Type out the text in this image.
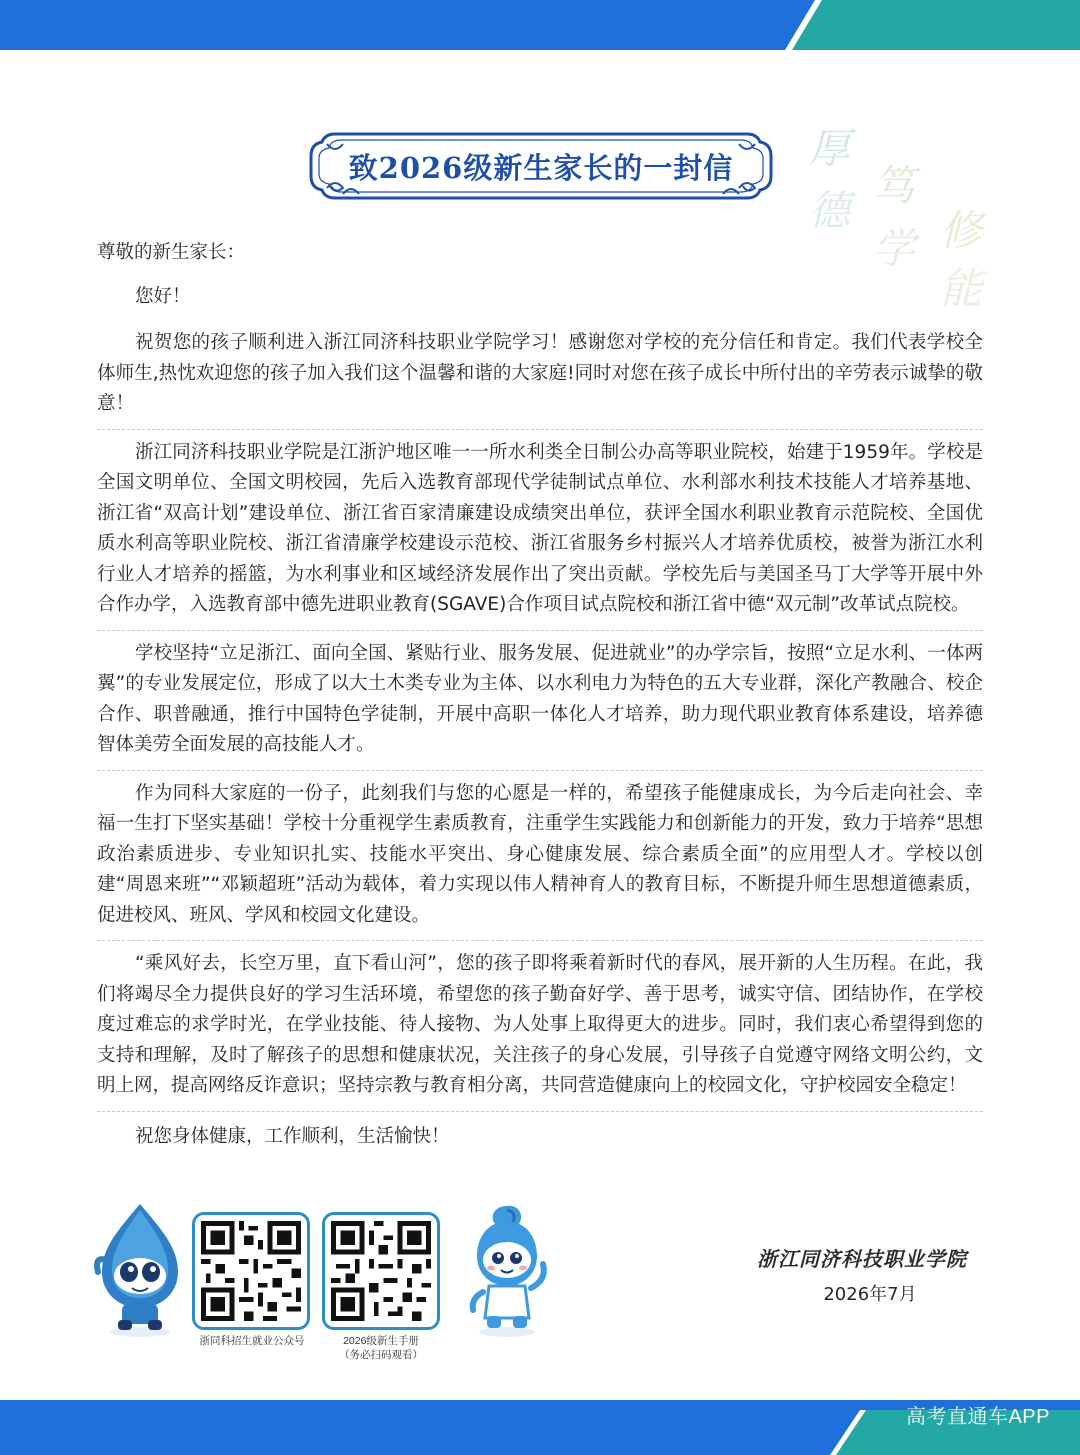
致2026级新生家长的一封信	厚
德
笃
学 修
能

尊敬的新生家长：

您好！

祝贺您的孩子顺利进入浙江同济科技职业学院学习！感谢您对学校的充分信任和肯定。我们代表学校全体师生,热忱欢迎您的孩子加入我们这个温馨和谐的大家庭!同时对您在孩子成长中所付出的辛劳表示诚挚的敬意！

浙江同济科技职业学院是江浙沪地区唯一一所水利类全日制公办高等职业院校，始建于1959年。学校是全国文明单位、全国文明校园，先后入选教育部现代学徒制试点单位、水利部水利技术技能人才培养基地、浙江省“双高计划”建设单位、浙江省百家清廉建设成绩突出单位，获评全国水利职业教育示范院校、全国优质水利高等职业院校、浙江省清廉学校建设示范校、浙江省服务乡村振兴人才培养优质校，被誉为浙江水利行业人才培养的摇篮，为水利事业和区域经济发展作出了突出贡献。学校先后与美国圣马丁大学等开展中外合作办学，入选教育部中德先进职业教育(SGAVE)合作项目试点院校和浙江省中德“双元制”改革试点院校。

学校坚持“立足浙江、面向全国、紧贴行业、服务发展、促进就业”的办学宗旨，按照“立足水利、一体两翼”的专业发展定位，形成了以大土木类专业为主体、以水利电力为特色的五大专业群，深化产教融合、校企合作、职普融通，推行中国特色学徒制，开展中高职一体化人才培养，助力现代职业教育体系建设，培养德智体美劳全面发展的高技能人才。

作为同科大家庭的一份子，此刻我们与您的心愿是一样的，希望孩子能健康成长，为今后走向社会、幸福一生打下坚实基础！学校十分重视学生素质教育，注重学生实践能力和创新能力的开发，致力于培养“思想政治素质进步、专业知识扎实、技能水平突出、身心健康发展、综合素质全面”的应用型人才。学校以创建“周恩来班”“邓颖超班”活动为载体，着力实现以伟人精神育人的教育目标，不断提升师生思想道德素质，促进校风、班风、学风和校园文化建设。

“乘风好去，长空万里，直下看山河”，您的孩子即将乘着新时代的春风，展开新的人生历程。在此，我们将竭尽全力提供良好的学习生活环境，希望您的孩子勤奋好学、善于思考，诚实守信、团结协作，在学校度过难忘的求学时光，在学业技能、待人接物、为人处事上取得更大的进步。同时，我们衷心希望得到您的支持和理解，及时了解孩子的思想和健康状况，关注孩子的身心发展，引导孩子自觉遵守网络文明公约，文明上网，提高网络反诈意识；坚持宗教与教育相分离，共同营造健康向上的校园文化，守护校园安全稳定！

祝您身体健康，工作顺利，生活愉快！

浙同科招生就业公众号	2026级新生手册
（务必扫码观看）
浙江同济科技职业学院
2026年7月
高考直通车APP
